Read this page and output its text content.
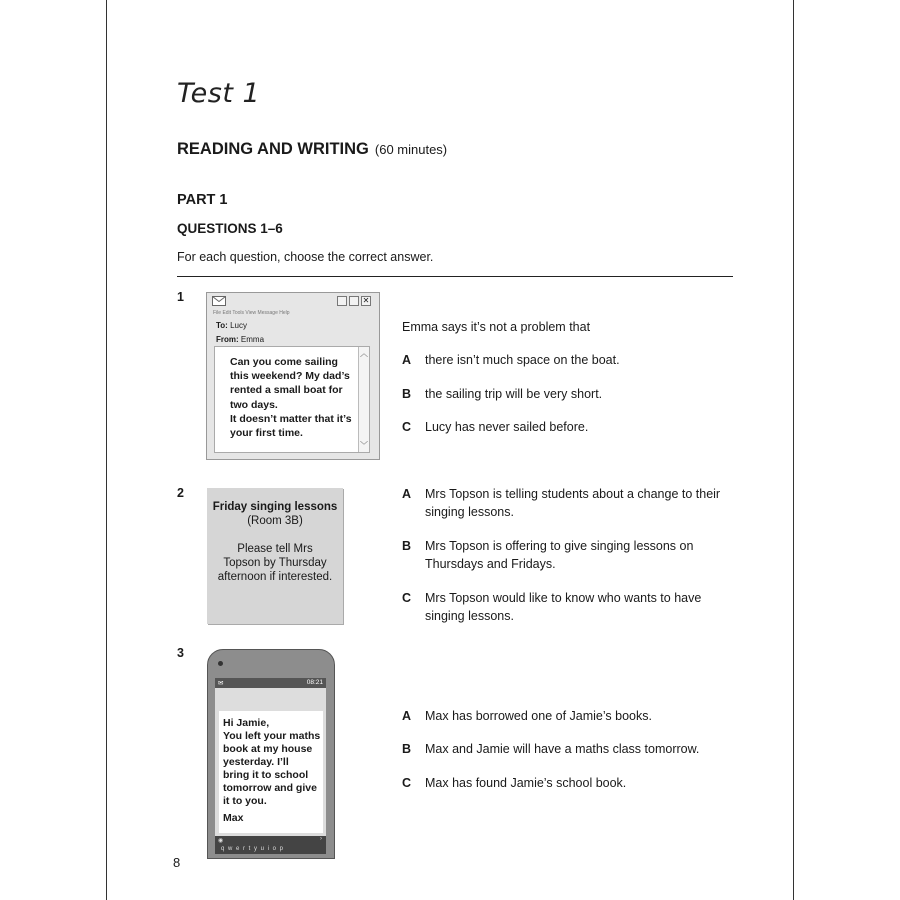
Test 1
READING AND WRITING (60 minutes)
PART 1
QUESTIONS 1–6
For each question, choose the correct answer.
1	✕
File Edit Tools View Message Help
To: Lucy
From: Emma
Can you come sailing
this weekend? My dad’s
rented a small boat for
two days.
It doesn’t matter that it’s
your first time.
︿
﹀
Emma says it’s not a problem that
A there isn’t much space on the boat.
B the sailing trip will be very short.
C Lucy has never sailed before.
2
Friday singing lessons
(Room 3B)
Please tell Mrs
Topson by Thursday
afternoon if interested.
A Mrs Topson is telling students about a change to their singing lessons.
B Mrs Topson is offering to give singing lessons on Thursdays and Fridays.
C Mrs Topson would like to know who wants to have singing lessons.
3
✉	08:21
Hi Jamie,
You left your maths
book at my house
yesterday. I’ll
bring it to school
tomorrow and give
it to you.
Max
◉	›
q w e r t y u i o p
A Max has borrowed one of Jamie’s books.
B Max and Jamie will have a maths class tomorrow.
C Max has found Jamie’s school book.
8
